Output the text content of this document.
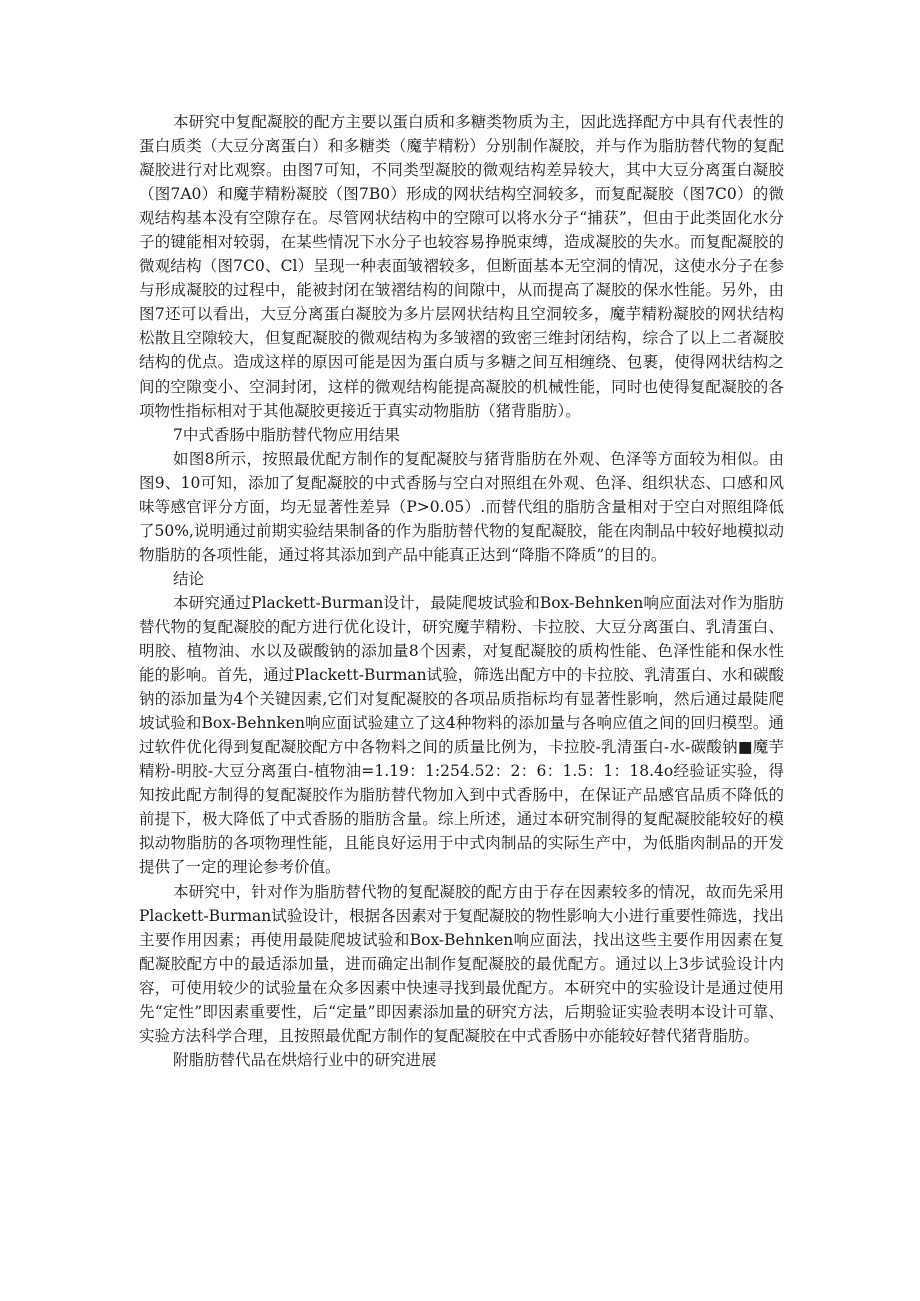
本研究中复配凝胶的配方主要以蛋白质和多糖类物质为主，因此选择配方中具有代表性的蛋白质类（大豆分离蛋白）和多糖类（魔芋精粉）分别制作凝胶，并与作为脂肪替代物的复配凝胶进行对比观察。由图7可知，不同类型凝胶的微观结构差异较大，其中大豆分离蛋白凝胶（图7A0）和魔芋精粉凝胶（图7B0）形成的网状结构空洞较多，而复配凝胶（图7C0）的微观结构基本没有空隙存在。尽管网状结构中的空隙可以将水分子“捕获”，但由于此类固化水分子的键能相对较弱，在某些情况下水分子也较容易挣脱束缚，造成凝胶的失水。而复配凝胶的微观结构（图7C0、Cl）呈现一种表面皱褶较多，但断面基本无空洞的情况，这使水分子在参与形成凝胶的过程中，能被封闭在皱褶结构的间隙中，从而提高了凝胶的保水性能。另外，由图7还可以看出，大豆分离蛋白凝胶为多片层网状结构且空洞较多，魔芋精粉凝胶的网状结构松散且空隙较大，但复配凝胶的微观结构为多皱褶的致密三维封闭结构，综合了以上二者凝胶结构的优点。造成这样的原因可能是因为蛋白质与多糖之间互相缠绕、包裹，使得网状结构之间的空隙变小、空洞封闭，这样的微观结构能提高凝胶的机械性能，同时也使得复配凝胶的各项物性指标相对于其他凝胶更接近于真实动物脂肪（猪背脂肪）。

7中式香肠中脂肪替代物应用结果

如图8所示，按照最优配方制作的复配凝胶与猪背脂肪在外观、色泽等方面较为相似。由图9、10可知，添加了复配凝胶的中式香肠与空白对照组在外观、色泽、组织状态、口感和风味等感官评分方面，均无显著性差异（P>0.05）.而替代组的脂肪含量相对于空白对照组降低了50%,说明通过前期实验结果制备的作为脂肪替代物的复配凝胶，能在肉制品中较好地模拟动物脂肪的各项性能，通过将其添加到产品中能真正达到“降脂不降质”的目的。

结论

本研究通过Plackett-Burman设计，最陡爬坡试验和Box-Behnken响应面法对作为脂肪替代物的复配凝胶的配方进行优化设计，研究魔芋精粉、卡拉胶、大豆分离蛋白、乳清蛋白、明胶、植物油、水以及碳酸钠的添加量8个因素，对复配凝胶的质构性能、色泽性能和保水性能的影响。首先，通过Plackett-Burman试验，筛选出配方中的卡拉胶、乳清蛋白、水和碳酸钠的添加量为4个关键因素,它们对复配凝胶的各项品质指标均有显著性影响，然后通过最陡爬坡试验和Box-Behnken响应面试验建立了这4种物料的添加量与各响应值之间的回归模型。通过软件优化得到复配凝胶配方中各物料之间的质量比例为，卡拉胶-乳清蛋白-水-碳酸钠■魔芋精粉-明胶-大豆分离蛋白-植物油=1.19：1:254.52：2：6：1.5：1：18.4o经验证实验，得知按此配方制得的复配凝胶作为脂肪替代物加入到中式香肠中，在保证产品感官品质不降低的前提下，极大降低了中式香肠的脂肪含量。综上所述，通过本研究制得的复配凝胶能较好的模拟动物脂肪的各项物理性能，且能良好运用于中式肉制品的实际生产中，为低脂肉制品的开发提供了一定的理论参考价值。

本研究中，针对作为脂肪替代物的复配凝胶的配方由于存在因素较多的情况，故而先采用Plackett-Burman试验设计，根据各因素对于复配凝胶的物性影响大小进行重要性筛选，找出主要作用因素；再使用最陡爬坡试验和Box-Behnken响应面法，找出这些主要作用因素在复配凝胶配方中的最适添加量，进而确定出制作复配凝胶的最优配方。通过以上3步试验设计内容，可使用较少的试验量在众多因素中快速寻找到最优配方。本研究中的实验设计是通过使用先“定性”即因素重要性，后“定量”即因素添加量的研究方法，后期验证实验表明本设计可靠、实验方法科学合理，且按照最优配方制作的复配凝胶在中式香肠中亦能较好替代猪背脂肪。

附脂肪替代品在烘焙行业中的研究进展
